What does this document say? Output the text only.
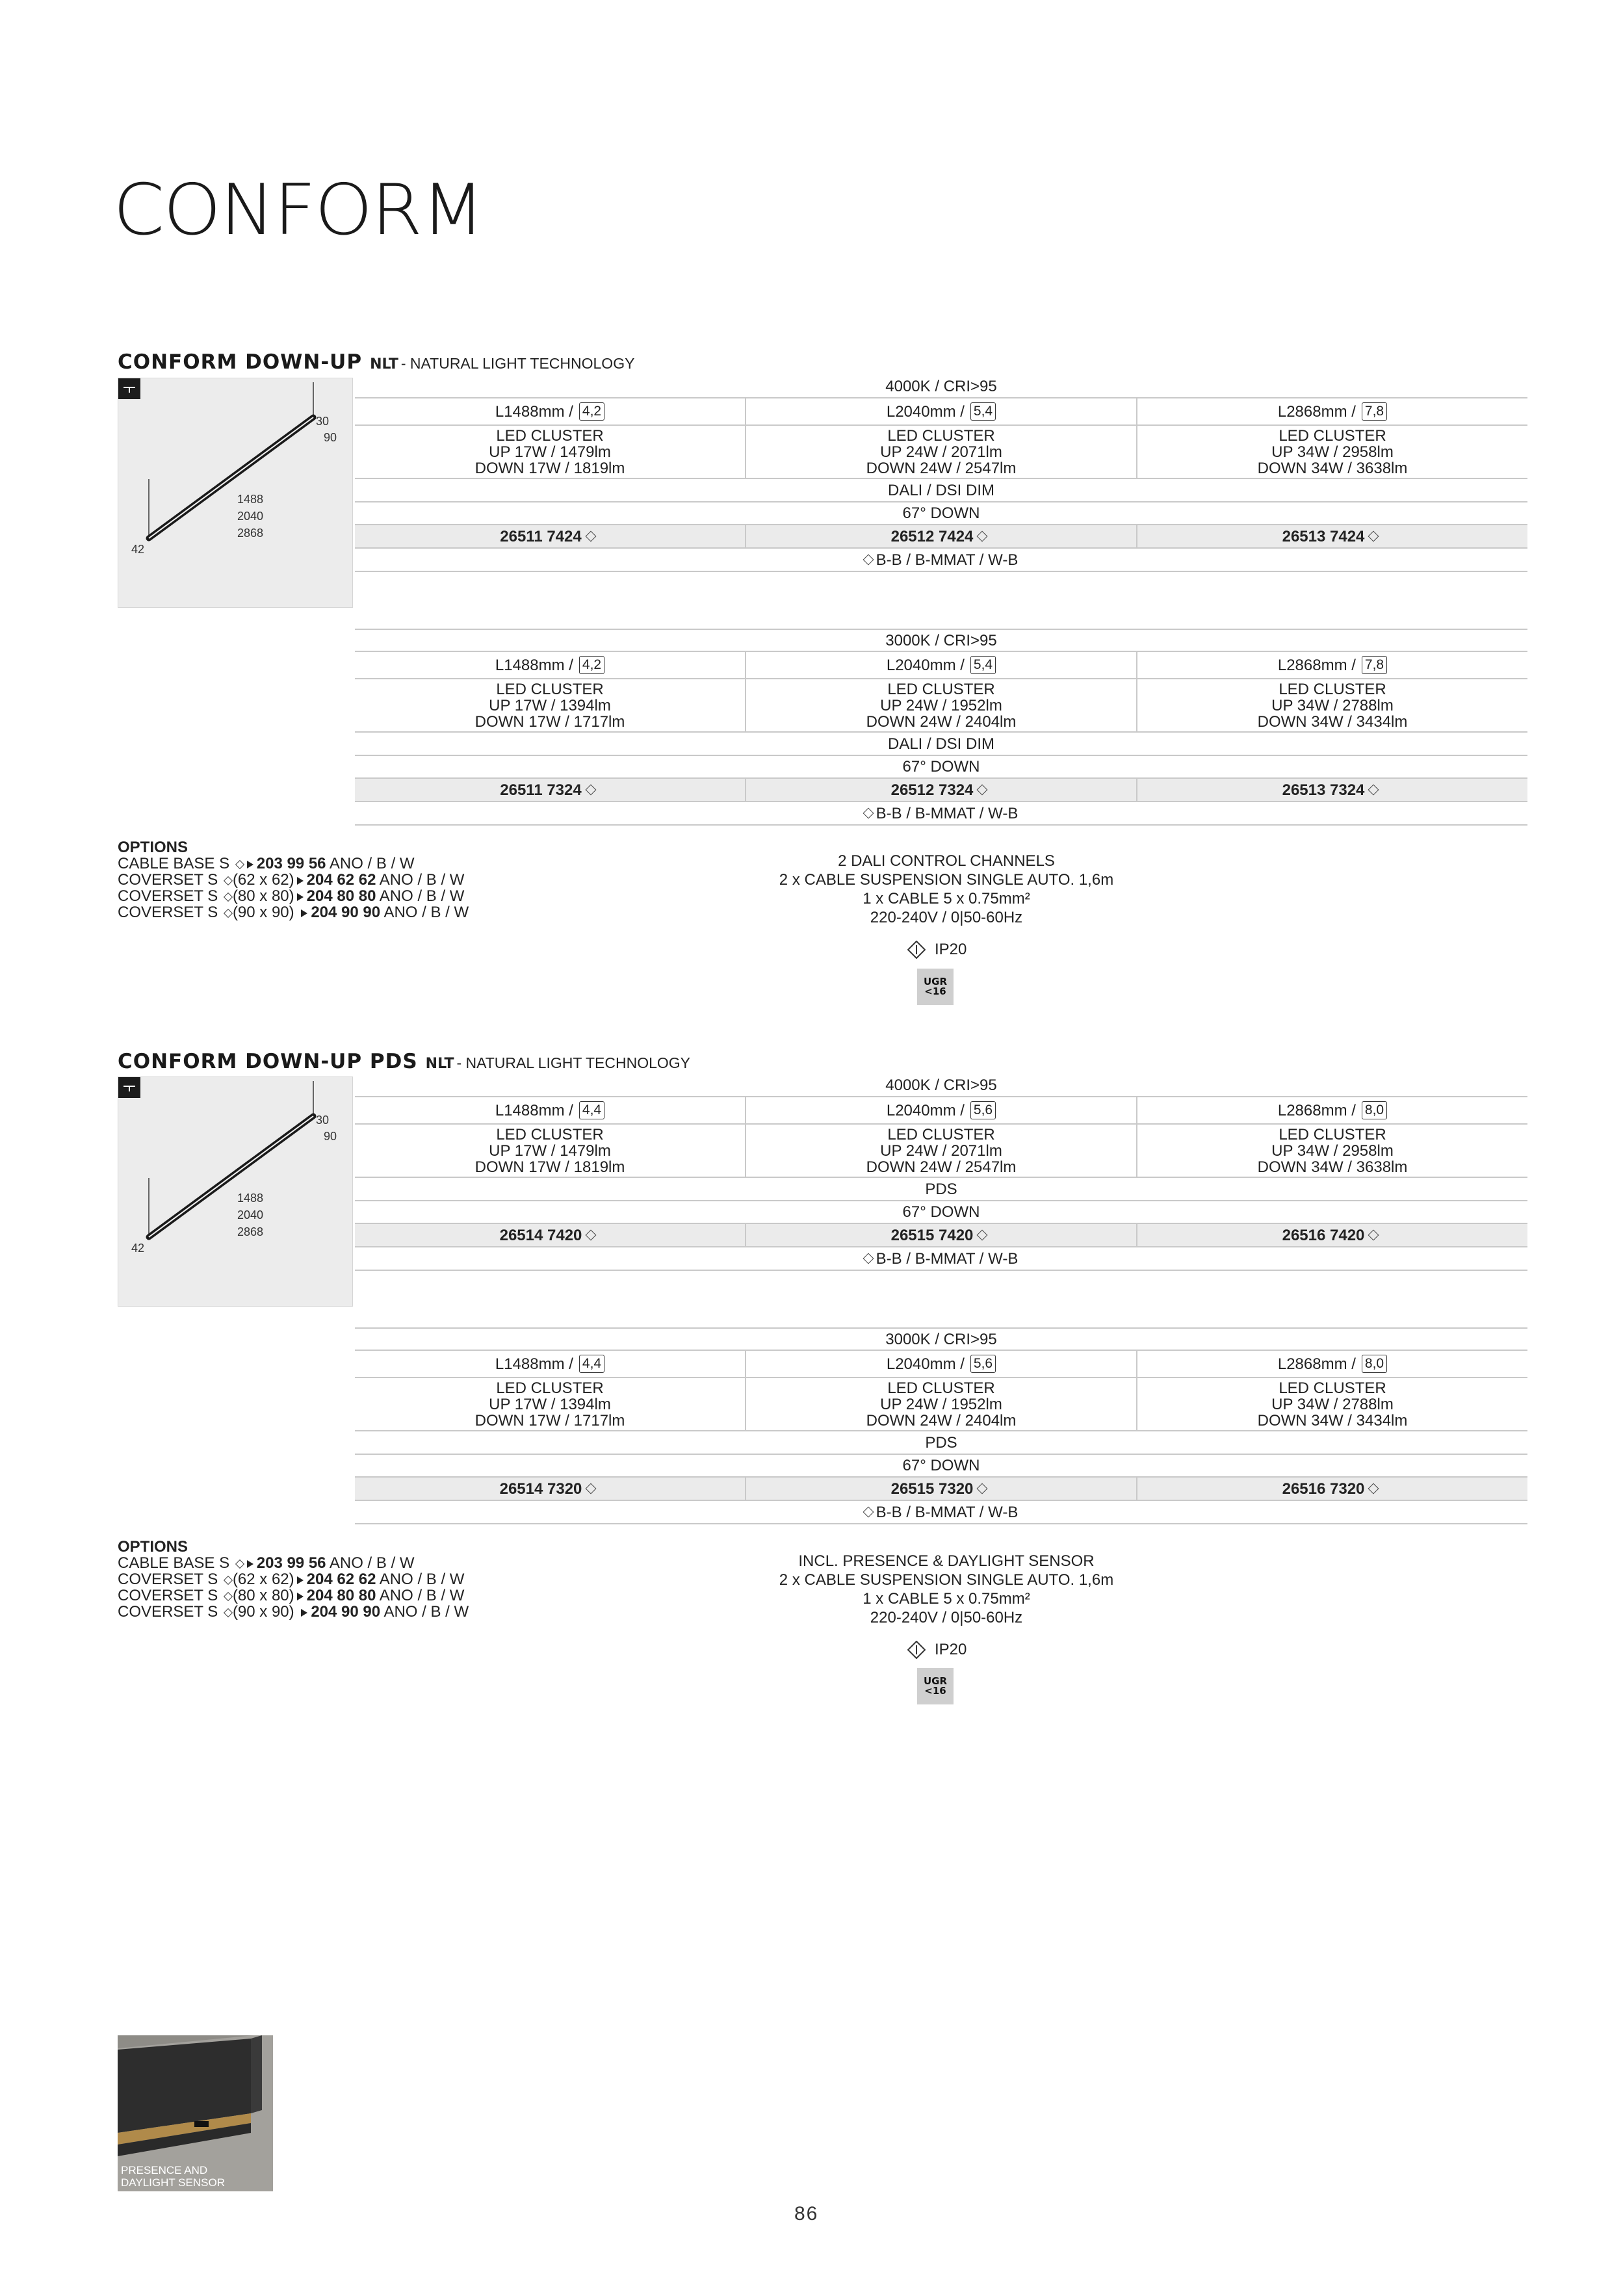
CONFORM
CONFORM DOWN-UP NLT - NATURAL LIGHT TECHNOLOGY
30
90
1488
2040
2868
42
4000K / CRI>95
L1488mm / 4,2	L2040mm / 5,4	L2868mm / 7,8
LED CLUSTER
UP 17W / 1479lm
DOWN 17W / 1819lm
LED CLUSTER
UP 24W / 2071lm
DOWN 24W / 2547lm
LED CLUSTER
UP 34W / 2958lm
DOWN 34W / 3638lm
DALI / DSI DIM
67° DOWN
26511 7424	26512 7424	26513 7424
B-B / B-MMAT / W-B
3000K / CRI>95
L1488mm / 4,2	L2040mm / 5,4	L2868mm / 7,8
LED CLUSTER
UP 17W / 1394lm
DOWN 17W / 1717lm
LED CLUSTER
UP 24W / 1952lm
DOWN 24W / 2404lm
LED CLUSTER
UP 34W / 2788lm
DOWN 34W / 3434lm
DALI / DSI DIM
67° DOWN
26511 7324	26512 7324	26513 7324
B-B / B-MMAT / W-B
OPTIONS
CABLE BASE S 203 99 56 ANO / B / W
COVERSET S (62 x 62) 204 62 62 ANO / B / W
COVERSET S (80 x 80) 204 80 80 ANO / B / W
COVERSET S (90 x 90) 204 90 90 ANO / B / W
2 DALI CONTROL CHANNELS
2 x CABLE SUSPENSION SINGLE AUTO. 1,6m
1 x CABLE 5 x 0.75mm²
220-240V / 0|50-60Hz
IP20
UGR
<16
CONFORM DOWN-UP PDS NLT - NATURAL LIGHT TECHNOLOGY
30
90
1488
2040
2868
42
4000K / CRI>95
L1488mm / 4,4	L2040mm / 5,6	L2868mm / 8,0
LED CLUSTER
UP 17W / 1479lm
DOWN 17W / 1819lm
LED CLUSTER
UP 24W / 2071lm
DOWN 24W / 2547lm
LED CLUSTER
UP 34W / 2958lm
DOWN 34W / 3638lm
PDS
67° DOWN
26514 7420	26515 7420	26516 7420
B-B / B-MMAT / W-B
3000K / CRI>95
L1488mm / 4,4	L2040mm / 5,6	L2868mm / 8,0
LED CLUSTER
UP 17W / 1394lm
DOWN 17W / 1717lm
LED CLUSTER
UP 24W / 1952lm
DOWN 24W / 2404lm
LED CLUSTER
UP 34W / 2788lm
DOWN 34W / 3434lm
PDS
67° DOWN
26514 7320	26515 7320	26516 7320
B-B / B-MMAT / W-B
OPTIONS
CABLE BASE S 203 99 56 ANO / B / W
COVERSET S (62 x 62) 204 62 62 ANO / B / W
COVERSET S (80 x 80) 204 80 80 ANO / B / W
COVERSET S (90 x 90) 204 90 90 ANO / B / W
INCL. PRESENCE & DAYLIGHT SENSOR
2 x CABLE SUSPENSION SINGLE AUTO. 1,6m
1 x CABLE 5 x 0.75mm²
220-240V / 0|50-60Hz
IP20
UGR
<16
PRESENCE AND
DAYLIGHT SENSOR
86
